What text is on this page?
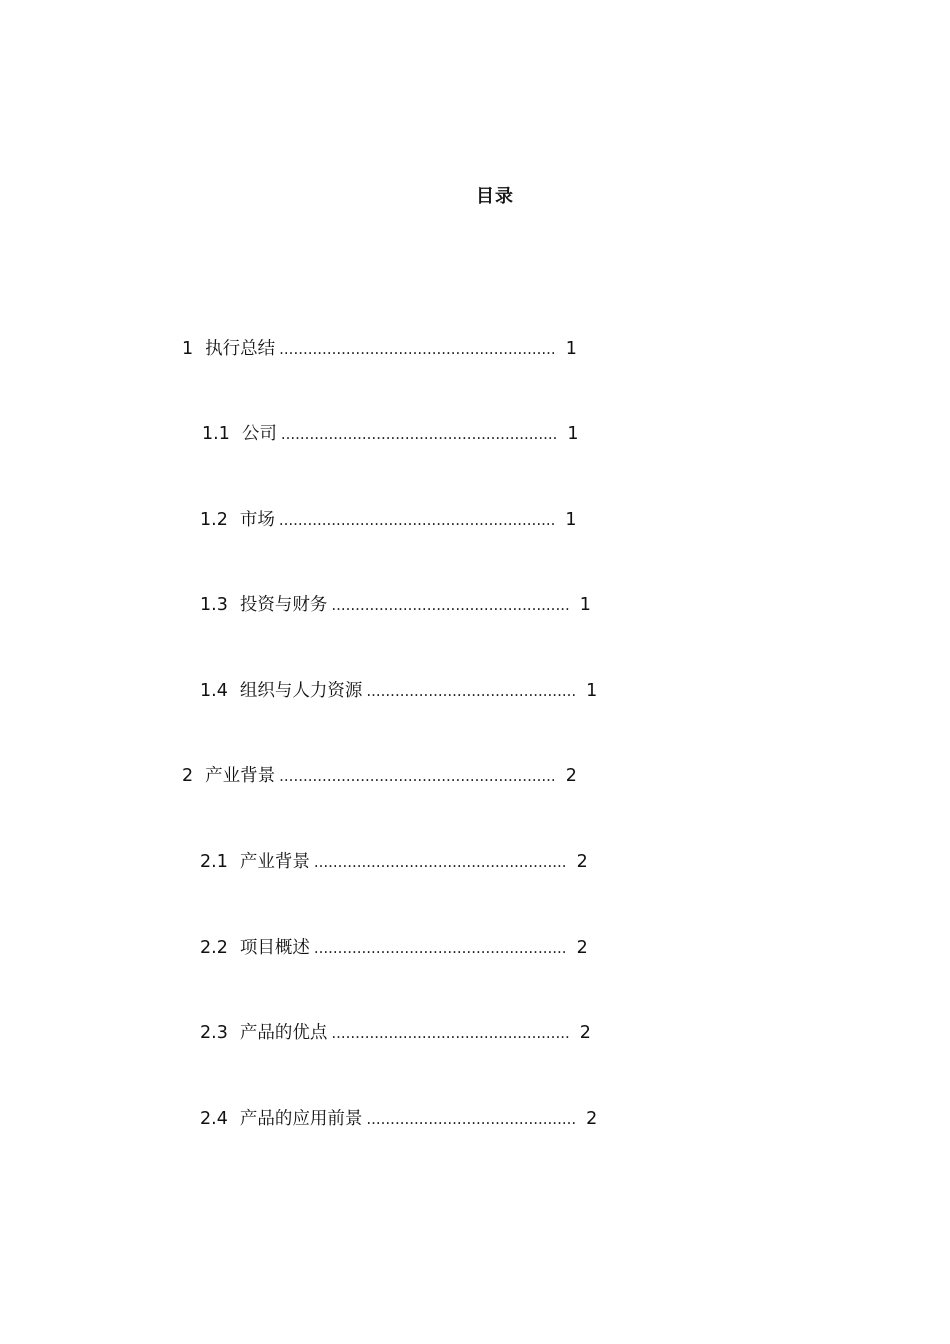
目录
1 执行总结 .......................................................... 1
1.1 公司 .......................................................... 1
1.2 市场 .......................................................... 1
1.3 投资与财务 .................................................. 1
1.4 组织与人力资源 ............................................ 1
2 产业背景 .......................................................... 2
2.1 产业背景 ..................................................... 2
2.2 项目概述 ..................................................... 2
2.3 产品的优点 .................................................. 2
2.4 产品的应用前景 ............................................ 2
